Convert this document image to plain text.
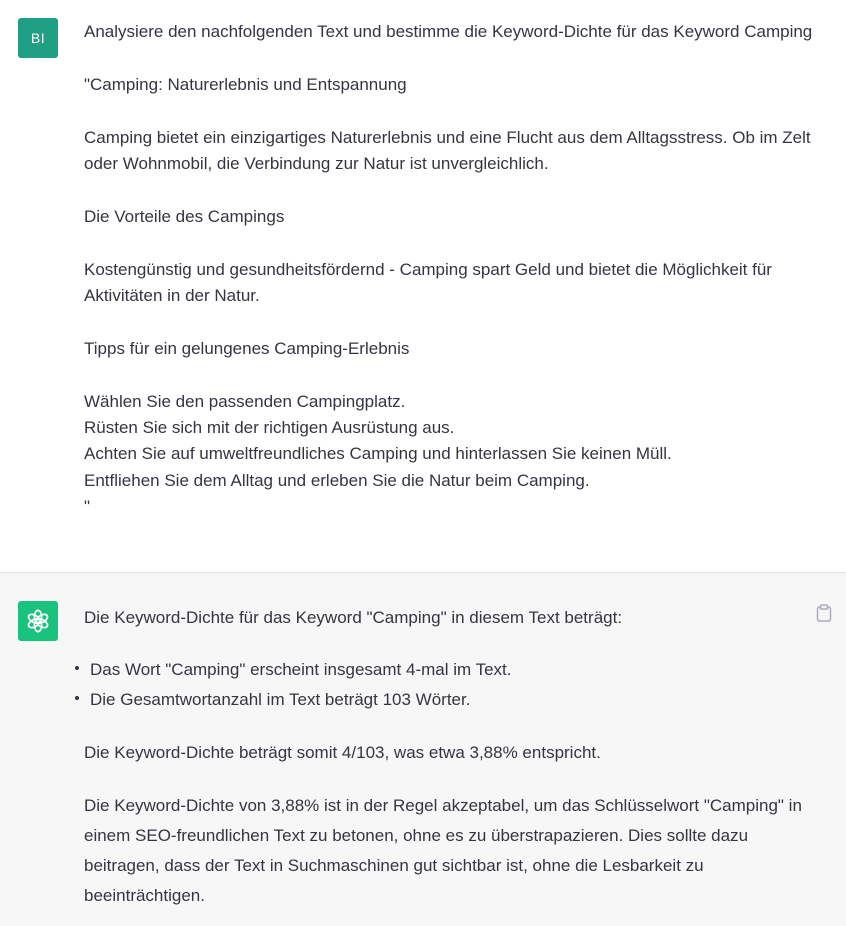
BI	Analysiere den nachfolgenden Text und bestimme die Keyword-Dichte für das Keyword Camping

"Camping: Naturerlebnis und Entspannung

Camping bietet ein einzigartiges Naturerlebnis und eine Flucht aus dem Alltagsstress. Ob im Zelt oder Wohnmobil, die Verbindung zur Natur ist unvergleichlich.

Die Vorteile des Campings

Kostengünstig und gesundheitsfördernd - Camping spart Geld und bietet die Möglichkeit für Aktivitäten in der Natur.

Tipps für ein gelungenes Camping-Erlebnis

Wählen Sie den passenden Campingplatz.
Rüsten Sie sich mit der richtigen Ausrüstung aus.
Achten Sie auf umweltfreundliches Camping und hinterlassen Sie keinen Müll.
Entfliehen Sie dem Alltag und erleben Sie die Natur beim Camping.
"

Die Keyword-Dichte für das Keyword "Camping" in diesem Text beträgt:

Das Wort "Camping" erscheint insgesamt 4-mal im Text.
Die Gesamtwortanzahl im Text beträgt 103 Wörter.

Die Keyword-Dichte beträgt somit 4/103, was etwa 3,88% entspricht.

Die Keyword-Dichte von 3,88% ist in der Regel akzeptabel, um das Schlüsselwort "Camping" in einem SEO-freundlichen Text zu betonen, ohne es zu überstrapazieren. Dies sollte dazu beitragen, dass der Text in Suchmaschinen gut sichtbar ist, ohne die Lesbarkeit zu beeinträchtigen.
